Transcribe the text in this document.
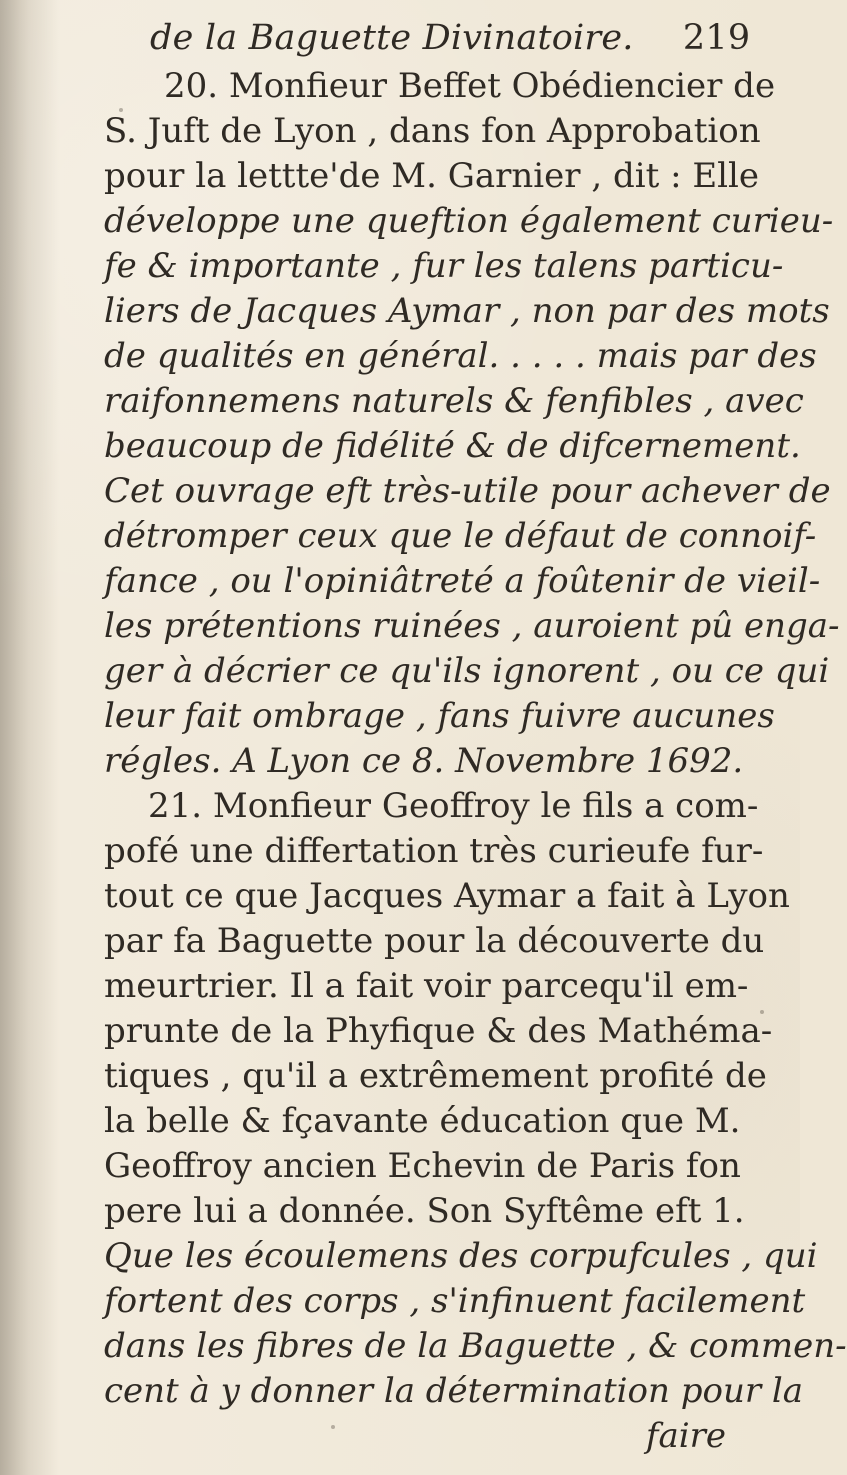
de la Baguette Divinatoire. 219
20. Monfieur Beffet Obédiencier de
S. Juft de Lyon , dans fon Approbation
pour la lettte'de M. Garnier , dit : Elle
développe une queftion également curieu-
fe & importante , fur les talens particu-
liers de Jacques Aymar , non par des mots
de qualités en général. . . . . mais par des
raifonnemens naturels & fenfibles , avec
beaucoup de fidélité & de difcernement.
Cet ouvrage eft très-utile pour achever de
détromper ceux que le défaut de connoif-
fance , ou l'opiniâtreté a foûtenir de vieil-
les prétentions ruinées , auroient pû enga-
ger à décrier ce qu'ils ignorent , ou ce qui
leur fait ombrage , fans fuivre aucunes
régles. A Lyon ce 8. Novembre 1692.
21. Monfieur Geoffroy le fils a com-
pofé une differtation très curieufe fur-
tout ce que Jacques Aymar a fait à Lyon
par fa Baguette pour la découverte du
meurtrier. Il a fait voir parcequ'il em-
prunte de la Phyfique & des Mathéma-
tiques , qu'il a extrêmement profité de
la belle & fçavante éducation que M.
Geoffroy ancien Echevin de Paris fon
pere lui a donnée. Son Syftême eft 1.
Que les écoulemens des corpufcules , qui
fortent des corps , s'infinuent facilement
dans les fibres de la Baguette , & commen-
cent à y donner la détermination pour la
faire
